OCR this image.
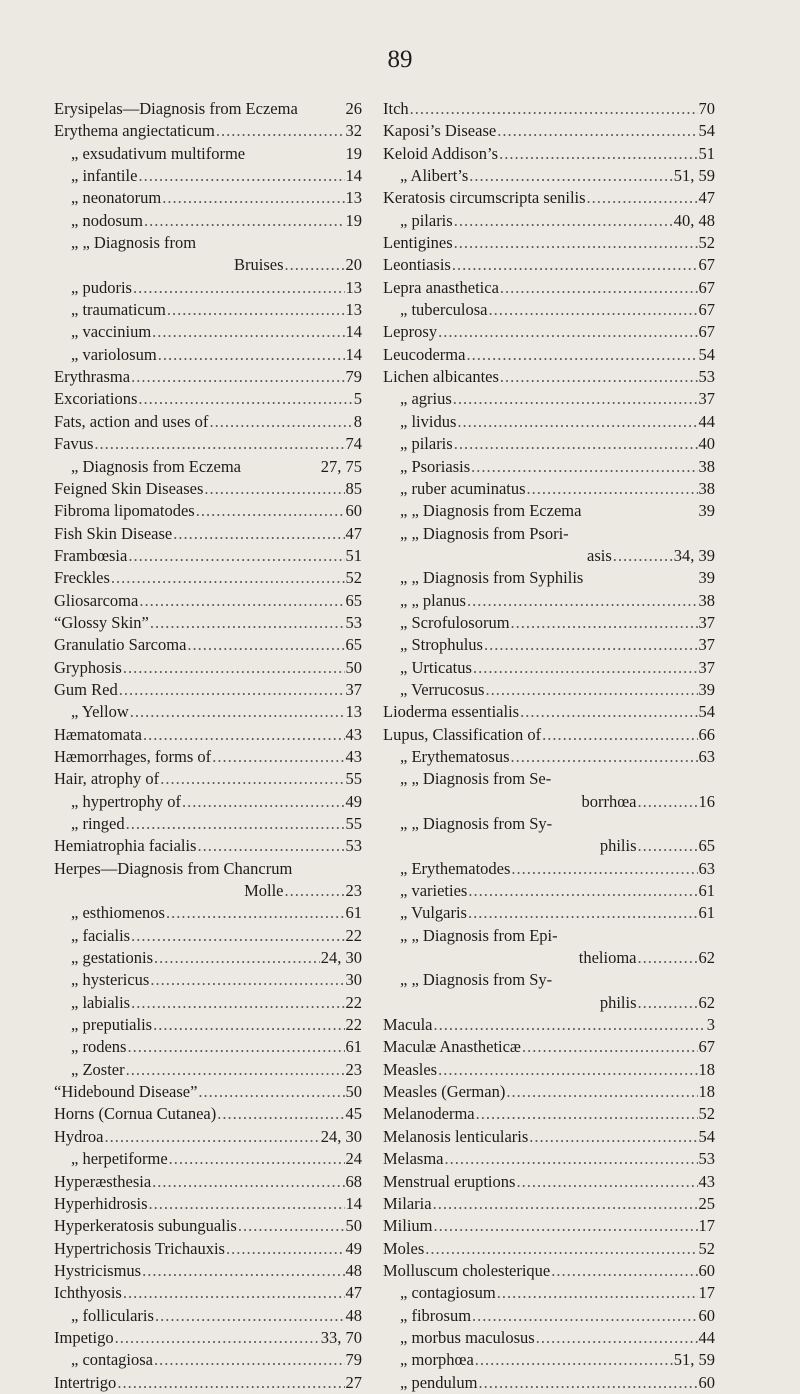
89
Erysipelas—Diagnosis from Eczema	26
Erythema angiectaticum .....	32
„ exsudativum multiforme	19
„ infantile .....	14
„ neonatorum .....	13
„ nodosum .....	19
„ „ Diagnosis from
Bruises .....	20
„ pudoris .....	13
„ traumaticum .....	13
„ vaccinium .....	14
„ variolosum .....	14
Erythrasma .....	79
Excoriations .....	5
Fats, action and uses of .....	8
Favus .....	74
„ Diagnosis from Eczema	27, 75
Feigned Skin Diseases .....	85
Fibroma lipomatodes .....	60
Fish Skin Disease .....	47
Frambœsia .....	51
Freckles .....	52
Gliosarcoma .....	65
“Glossy Skin” .....	53
Granulatio Sarcoma .....	65
Gryphosis .....	50
Gum Red .....	37
„ Yellow .....	13
Hæmatomata .....	43
Hæmorrhages, forms of .....	43
Hair, atrophy of .....	55
„ hypertrophy of .....	49
„ ringed .....	55
Hemiatrophia facialis .....	53
Herpes—Diagnosis from Chancrum
Molle .....	23
„ esthiomenos .....	61
„ facialis .....	22
„ gestationis .....	24, 30
„ hystericus .....	30
„ labialis .....	22
„ preputialis .....	22
„ rodens .....	61
„ Zoster .....	23
“Hidebound Disease” .....	50
Horns (Cornua Cutanea) .....	45
Hydroa .....	24, 30
„ herpetiforme .....	24
Hyperæsthesia .....	68
Hyperhidrosis .....	14
Hyperkeratosis subungualis .....	50
Hypertrichosis Trichauxis .....	49
Hystricismus .....	48
Ichthyosis .....	47
„ follicularis .....	48
Impetigo .....	33, 70
„ contagiosa .....	79
Intertrigo .....	27
Itch .....	70
Kaposi’s Disease .....	54
Keloid Addison’s .....	51
„ Alibert’s .....	51, 59
Keratosis circumscripta senilis .....	47
„ pilaris .....	40, 48
Lentigines .....	52
Leontiasis .....	67
Lepra anasthetica .....	67
„ tuberculosa .....	67
Leprosy .....	67
Leucoderma .....	54
Lichen albicantes .....	53
„ agrius .....	37
„ lividus .....	44
„ pilaris .....	40
„ Psoriasis .....	38
„ ruber acuminatus .....	38
„ „ Diagnosis from Eczema	39
„ „ Diagnosis from Psori-
asis .....	34, 39
„ „ Diagnosis from Syphilis	39
„ „ planus .....	38
„ Scrofulosorum .....	37
„ Strophulus .....	37
„ Urticatus .....	37
„ Verrucosus .....	39
Lioderma essentialis .....	54
Lupus, Classification of .....	66
„ Erythematosus .....	63
„ „ Diagnosis from Se-
borrhœa .....	16
„ „ Diagnosis from Sy-
philis .....	65
„ Erythematodes .....	63
„ varieties .....	61
„ Vulgaris .....	61
„ „ Diagnosis from Epi-
thelioma .....	62
„ „ Diagnosis from Sy-
philis .....	62
Macula .....	3
Maculæ Anastheticæ .....	67
Measles .....	18
Measles (German) .....	18
Melanoderma .....	52
Melanosis lenticularis .....	54
Melasma .....	53
Menstrual eruptions .....	43
Milaria .....	25
Milium .....	17
Moles .....	52
Molluscum cholesterique .....	60
„ contagiosum .....	17
„ fibrosum .....	60
„ morbus maculosus .....	44
„ morphœa .....	51, 59
„ pendulum .....	60
